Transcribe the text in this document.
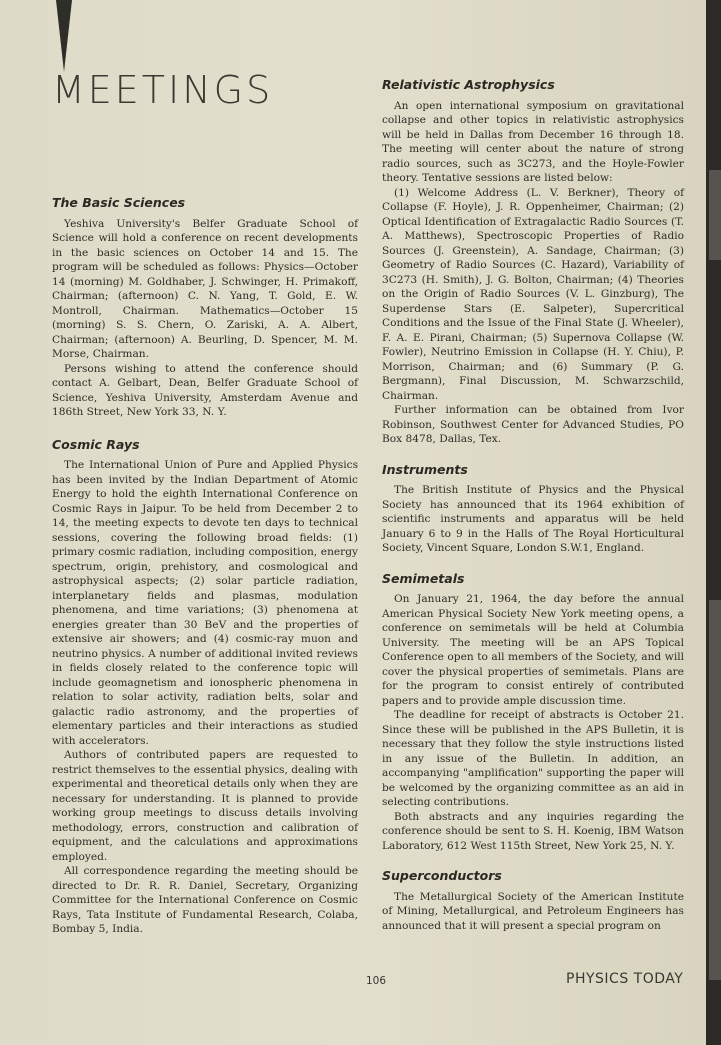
MEETINGS
The Basic Sciences

Yeshiva University's Belfer Graduate School of Science will hold a conference on recent developments in the basic sciences on October 14 and 15. The program will be scheduled as follows: Physics—October 14 (morning) M. Goldhaber, J. Schwinger, H. Primakoff, Chairman; (afternoon) C. N. Yang, T. Gold, E. W. Montroll, Chairman. Mathematics—October 15 (morning) S. S. Chern, O. Zariski, A. A. Albert, Chairman; (afternoon) A. Beurling, D. Spencer, M. M. Morse, Chairman.

Persons wishing to attend the conference should contact A. Gelbart, Dean, Belfer Graduate School of Science, Yeshiva University, Amsterdam Avenue and 186th Street, New York 33, N. Y.

Cosmic Rays

The International Union of Pure and Applied Physics has been invited by the Indian Department of Atomic Energy to hold the eighth International Conference on Cosmic Rays in Jaipur. To be held from December 2 to 14, the meeting expects to devote ten days to technical sessions, covering the following broad fields: (1) primary cosmic radiation, including composition, energy spectrum, origin, prehistory, and cosmological and astrophysical aspects; (2) solar particle radiation, interplanetary fields and plasmas, modulation phenomena, and time variations; (3) phenomena at energies greater than 30 BeV and the properties of extensive air showers; and (4) cosmic-ray muon and neutrino physics. A number of additional invited reviews in fields closely related to the conference topic will include geomagnetism and ionospheric phenomena in relation to solar activity, radiation belts, solar and galactic radio astronomy, and the properties of elementary particles and their interactions as studied with accelerators.

Authors of contributed papers are requested to restrict themselves to the essential physics, dealing with experimental and theoretical details only when they are necessary for understanding. It is planned to provide working group meetings to discuss details involving methodology, errors, construction and calibration of equipment, and the calculations and approximations employed.

All correspondence regarding the meeting should be directed to Dr. R. R. Daniel, Secretary, Organizing Committee for the International Conference on Cosmic Rays, Tata Institute of Fundamental Research, Colaba, Bombay 5, India.

Relativistic Astrophysics

An open international symposium on gravitational collapse and other topics in relativistic astrophysics will be held in Dallas from December 16 through 18. The meeting will center about the nature of strong radio sources, such as 3C273, and the Hoyle-Fowler theory. Tentative sessions are listed below:

(1) Welcome Address (L. V. Berkner), Theory of Collapse (F. Hoyle), J. R. Oppenheimer, Chairman; (2) Optical Identification of Extragalactic Radio Sources (T. A. Matthews), Spectroscopic Properties of Radio Sources (J. Greenstein), A. Sandage, Chairman; (3) Geometry of Radio Sources (C. Hazard), Variability of 3C273 (H. Smith), J. G. Bolton, Chairman; (4) Theories on the Origin of Radio Sources (V. L. Ginzburg), The Superdense Stars (E. Salpeter), Supercritical Conditions and the Issue of the Final State (J. Wheeler), F. A. E. Pirani, Chairman; (5) Supernova Collapse (W. Fowler), Neutrino Emission in Collapse (H. Y. Chiu), P. Morrison, Chairman; and (6) Summary (P. G. Bergmann), Final Discussion, M. Schwarzschild, Chairman.

Further information can be obtained from Ivor Robinson, Southwest Center for Advanced Studies, PO Box 8478, Dallas, Tex.

Instruments

The British Institute of Physics and the Physical Society has announced that its 1964 exhibition of scientific instruments and apparatus will be held January 6 to 9 in the Halls of The Royal Horticultural Society, Vincent Square, London S.W.1, England.

Semimetals

On January 21, 1964, the day before the annual American Physical Society New York meeting opens, a conference on semimetals will be held at Columbia University. The meeting will be an APS Topical Conference open to all members of the Society, and will cover the physical properties of semimetals. Plans are for the program to consist entirely of contributed papers and to provide ample discussion time.

The deadline for receipt of abstracts is October 21. Since these will be published in the APS Bulletin, it is necessary that they follow the style instructions listed in any issue of the Bulletin. In addition, an accompanying "amplification" supporting the paper will be welcomed by the organizing committee as an aid in selecting contributions.

Both abstracts and any inquiries regarding the conference should be sent to S. H. Koenig, IBM Watson Laboratory, 612 West 115th Street, New York 25, N. Y.

Superconductors

The Metallurgical Society of the American Institute of Mining, Metallurgical, and Petroleum Engineers has announced that it will present a special program on

106	PHYSICS TODAY
